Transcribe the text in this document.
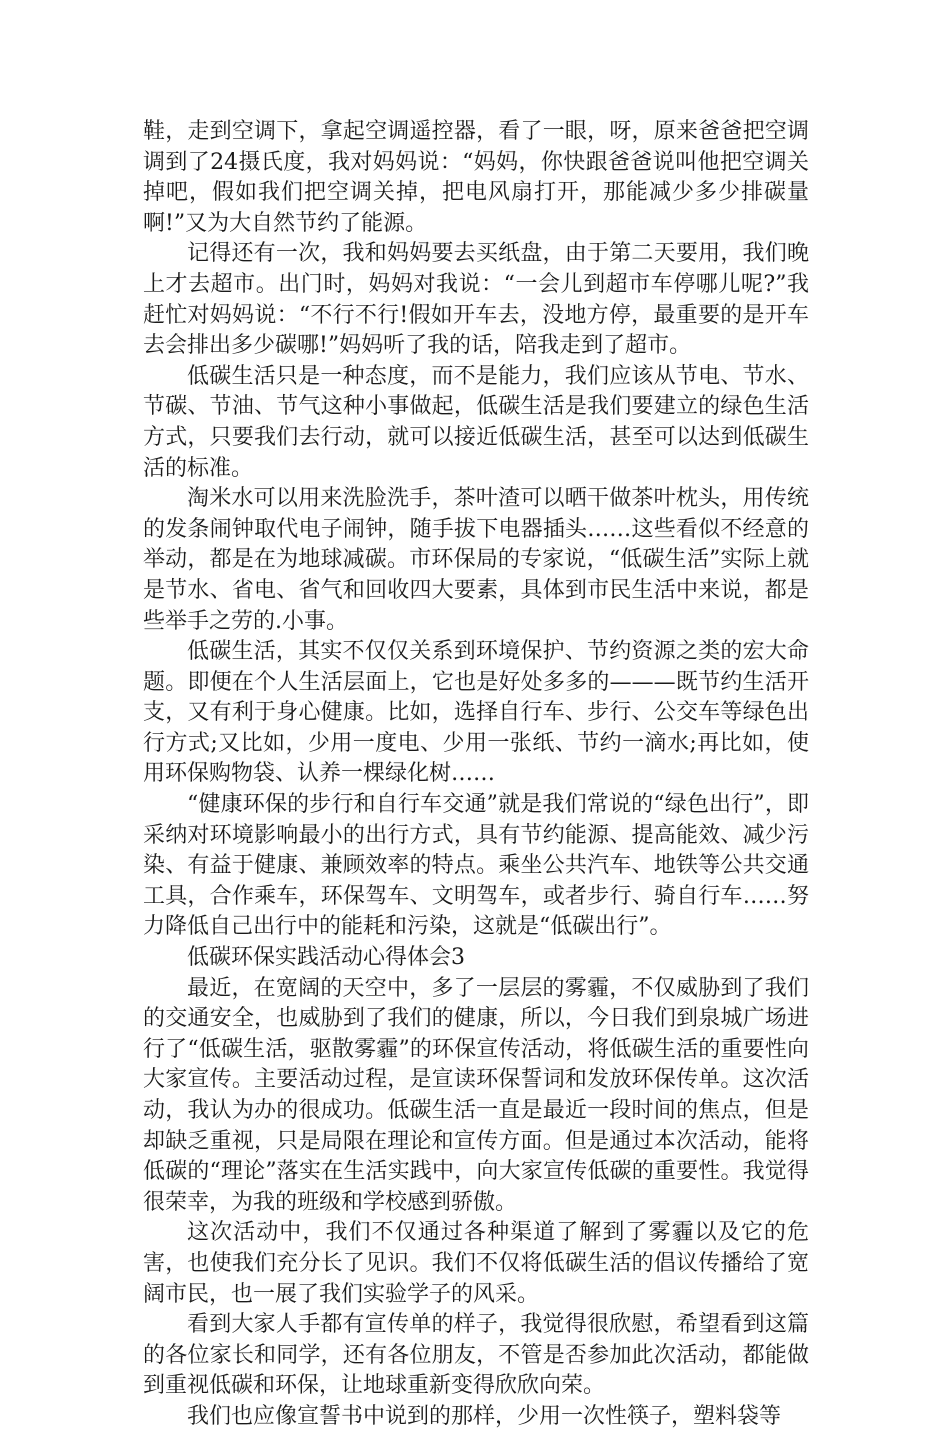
鞋，走到空调下，拿起空调遥控器，看了一眼，呀，原来爸爸把空调调到了24摄氏度，我对妈妈说：“妈妈，你快跟爸爸说叫他把空调关掉吧，假如我们把空调关掉，把电风扇打开，那能减少多少排碳量啊!”又为大自然节约了能源。

记得还有一次，我和妈妈要去买纸盘，由于第二天要用，我们晚上才去超市。出门时，妈妈对我说：“一会儿到超市车停哪儿呢?”我赶忙对妈妈说：“不行不行!假如开车去，没地方停，最重要的是开车去会排出多少碳哪!”妈妈听了我的话，陪我走到了超市。

低碳生活只是一种态度，而不是能力，我们应该从节电、节水、节碳、节油、节气这种小事做起，低碳生活是我们要建立的绿色生活方式，只要我们去行动，就可以接近低碳生活，甚至可以达到低碳生活的标准。

淘米水可以用来洗脸洗手，茶叶渣可以晒干做茶叶枕头，用传统的发条闹钟取代电子闹钟，随手拔下电器插头……这些看似不经意的举动，都是在为地球减碳。市环保局的专家说，“低碳生活”实际上就是节水、省电、省气和回收四大要素，具体到市民生活中来说，都是些举手之劳的.小事。

低碳生活，其实不仅仅关系到环境保护、节约资源之类的宏大命题。即便在个人生活层面上，它也是好处多多的———既节约生活开支，又有利于身心健康。比如，选择自行车、步行、公交车等绿色出行方式;又比如，少用一度电、少用一张纸、节约一滴水;再比如，使用环保购物袋、认养一棵绿化树……

“健康环保的步行和自行车交通”就是我们常说的“绿色出行”，即采纳对环境影响最小的出行方式，具有节约能源、提高能效、减少污染、有益于健康、兼顾效率的特点。乘坐公共汽车、地铁等公共交通工具，合作乘车，环保驾车、文明驾车，或者步行、骑自行车……努力降低自己出行中的能耗和污染，这就是“低碳出行”。

低碳环保实践活动心得体会3

最近，在宽阔的天空中，多了一层层的雾霾，不仅威胁到了我们的交通安全，也威胁到了我们的健康，所以，今日我们到泉城广场进行了“低碳生活，驱散雾霾”的环保宣传活动，将低碳生活的重要性向大家宣传。主要活动过程，是宣读环保誓词和发放环保传单。这次活动，我认为办的很成功。低碳生活一直是最近一段时间的焦点，但是却缺乏重视，只是局限在理论和宣传方面。但是通过本次活动，能将低碳的“理论”落实在生活实践中，向大家宣传低碳的重要性。我觉得很荣幸，为我的班级和学校感到骄傲。

这次活动中，我们不仅通过各种渠道了解到了雾霾以及它的危害，也使我们充分长了见识。我们不仅将低碳生活的倡议传播给了宽阔市民，也一展了我们实验学子的风采。

看到大家人手都有宣传单的样子，我觉得很欣慰，希望看到这篇的各位家长和同学，还有各位朋友，不管是否参加此次活动，都能做到重视低碳和环保，让地球重新变得欣欣向荣。

我们也应像宣誓书中说到的那样，少用一次性筷子，塑料袋等
